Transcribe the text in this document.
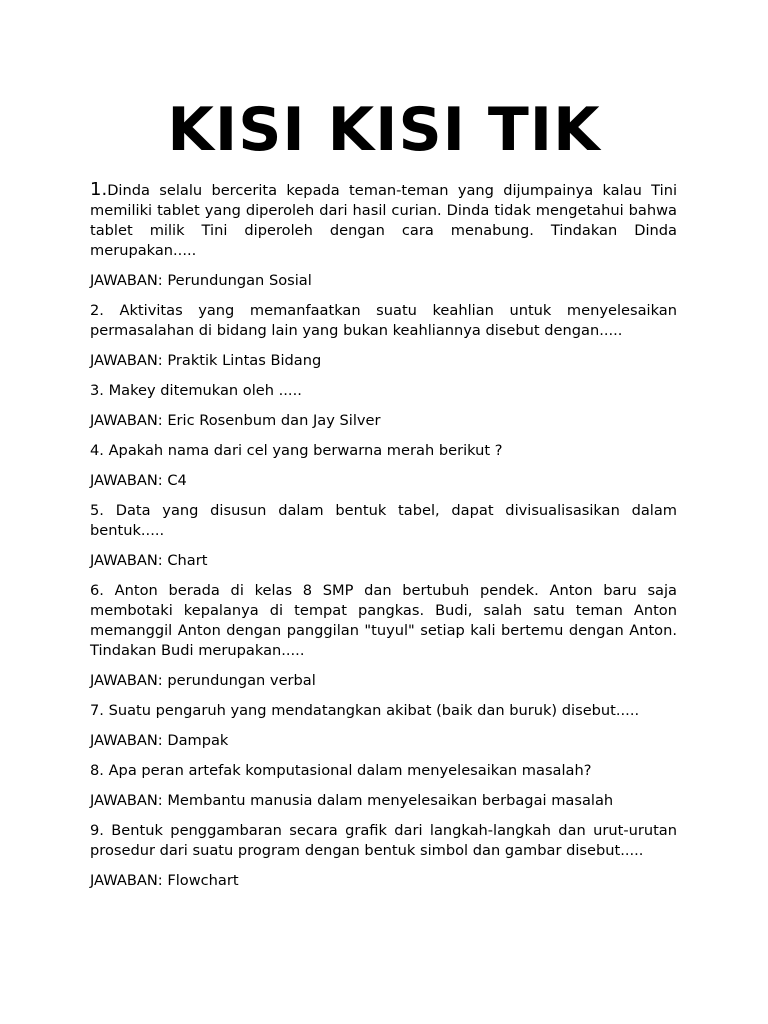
KISI KISI TIK

1.Dinda selalu bercerita kepada teman-teman yang dijumpainya kalau Tini memiliki tablet yang diperoleh dari hasil curian. Dinda tidak mengetahui bahwa tablet milik Tini diperoleh dengan cara menabung. Tindakan Dinda merupakan.....

JAWABAN: Perundungan Sosial

2. Aktivitas yang memanfaatkan suatu keahlian untuk menyelesaikan permasalahan di bidang lain yang bukan keahliannya disebut dengan.....

JAWABAN: Praktik Lintas Bidang

3. Makey ditemukan oleh .....

JAWABAN: Eric Rosenbum dan Jay Silver

4. Apakah nama dari cel yang berwarna merah berikut ?

JAWABAN: C4

5. Data yang disusun dalam bentuk tabel, dapat divisualisasikan dalam bentuk.....

JAWABAN: Chart

6. Anton berada di kelas 8 SMP dan bertubuh pendek. Anton baru saja membotaki kepalanya di tempat pangkas. Budi, salah satu teman Anton memanggil Anton dengan panggilan "tuyul" setiap kali bertemu dengan Anton. Tindakan Budi merupakan.....

JAWABAN: perundungan verbal

7. Suatu pengaruh yang mendatangkan akibat (baik dan buruk) disebut.....

JAWABAN: Dampak

8. Apa peran artefak komputasional dalam menyelesaikan masalah?

JAWABAN: Membantu manusia dalam menyelesaikan berbagai masalah

9. Bentuk penggambaran secara grafik dari langkah-langkah dan urut-urutan prosedur dari suatu program dengan bentuk simbol dan gambar disebut.....

JAWABAN: Flowchart
